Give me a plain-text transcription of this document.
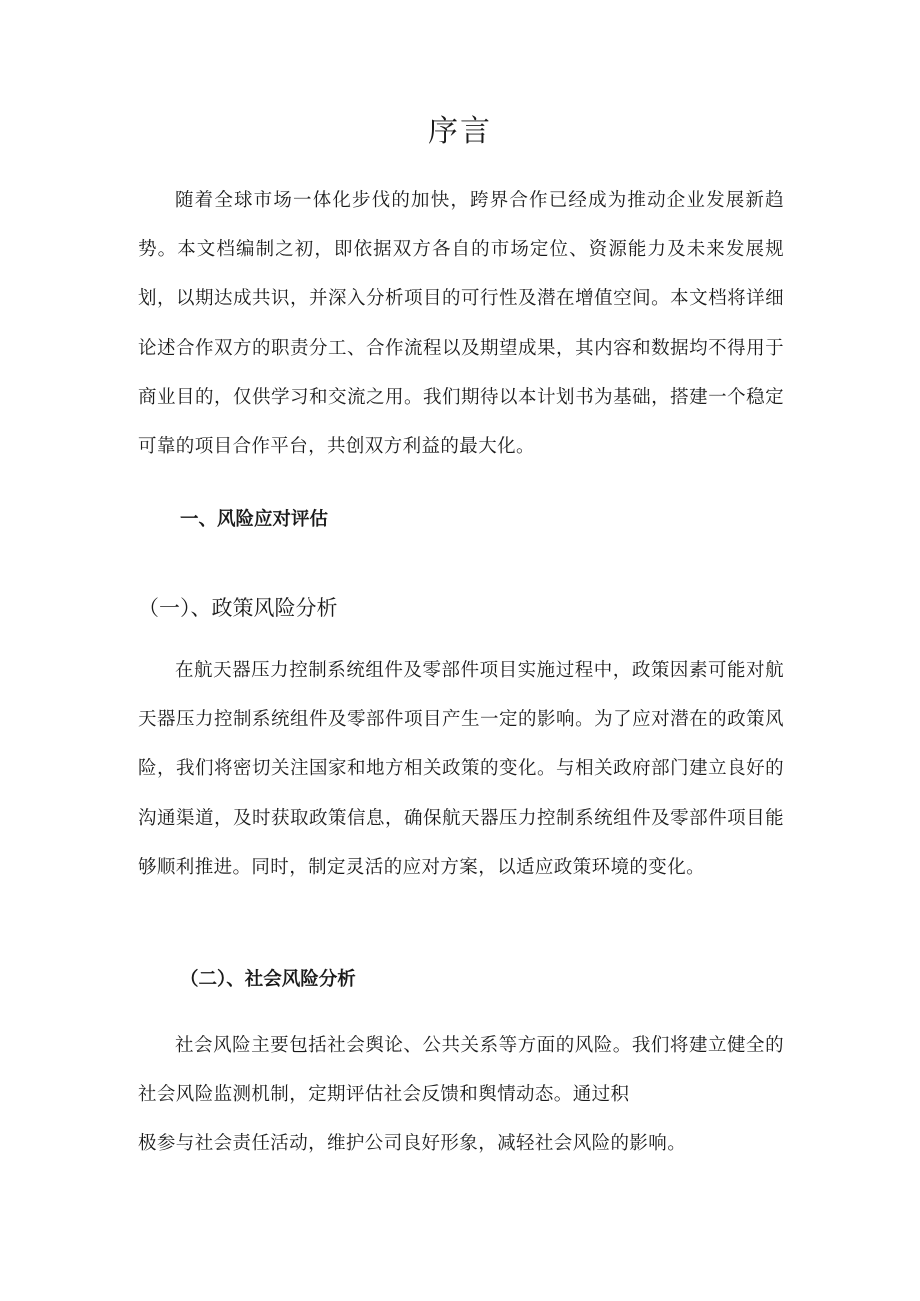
序言

随着全球市场一体化步伐的加快，跨界合作已经成为推动企业发展新趋势。本文档编制之初，即依据双方各自的市场定位、资源能力及未来发展规划，以期达成共识，并深入分析项目的可行性及潜在增值空间。本文档将详细论述合作双方的职责分工、合作流程以及期望成果，其内容和数据均不得用于商业目的，仅供学习和交流之用。我们期待以本计划书为基础，搭建一个稳定可靠的项目合作平台，共创双方利益的最大化。

一、风险应对评估
（一）、政策风险分析

在航天器压力控制系统组件及零部件项目实施过程中，政策因素可能对航天器压力控制系统组件及零部件项目产生一定的影响。为了应对潜在的政策风险，我们将密切关注国家和地方相关政策的变化。与相关政府部门建立良好的沟通渠道，及时获取政策信息，确保航天器压力控制系统组件及零部件项目能够顺利推进。同时，制定灵活的应对方案，以适应政策环境的变化。

（二）、社会风险分析

社会风险主要包括社会舆论、公共关系等方面的风险。我们将建立健全的社会风险监测机制，定期评估社会反馈和舆情动态。通过积
极参与社会责任活动，维护公司良好形象，减轻社会风险的影响。
